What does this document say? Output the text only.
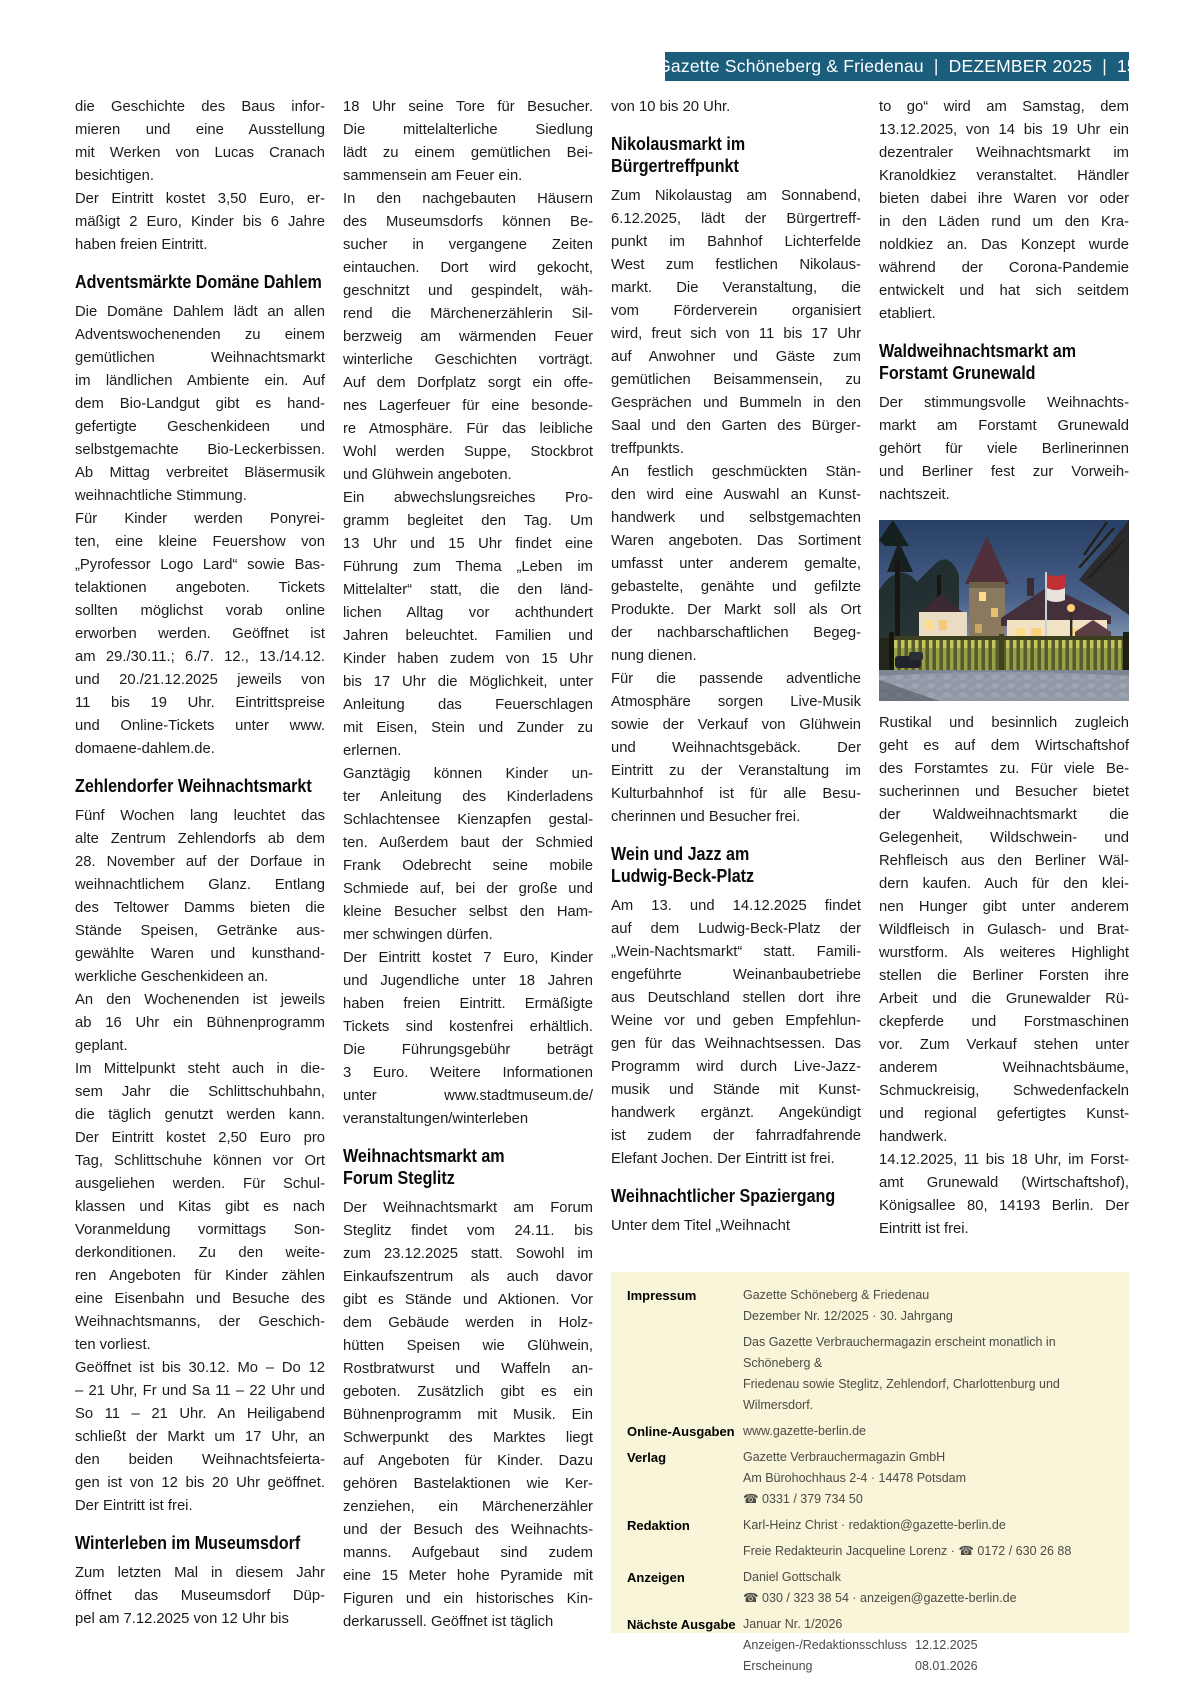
Gazette Schöneberg & Friedenau | DEZEMBER 2025 | 15
die Geschichte des Baus infor-
mieren und eine Ausstellung
mit Werken von Lucas Cranach
besichtigen.
Der Eintritt kostet 3,50 Euro, er-
mäßigt 2 Euro, Kinder bis 6 Jahre
haben freien Eintritt.
Adventsmärkte Domäne Dahlem
Die Domäne Dahlem lädt an allen
Adventswochenenden zu einem
gemütlichen Weihnachtsmarkt
im ländlichen Ambiente ein. Auf
dem Bio-Landgut gibt es hand-
gefertigte Geschenkideen und
selbstgemachte Bio-Leckerbissen.
Ab Mittag verbreitet Bläsermusik
weihnachtliche Stimmung.
Für Kinder werden Ponyrei-
ten, eine kleine Feuershow von
„Pyrofessor Logo Lard“ sowie Bas-
telaktionen angeboten. Tickets
sollten möglichst vorab online
erworben werden. Geöffnet ist
am 29./30.11.; 6./7. 12., 13./14.12.
und 20./21.12.2025 jeweils von
11 bis 19 Uhr. Eintrittspreise
und Online-Tickets unter www.
domaene-dahlem.de.
Zehlendorfer Weihnachtsmarkt
Fünf Wochen lang leuchtet das
alte Zentrum Zehlendorfs ab dem
28. November auf der Dorfaue in
weihnachtlichem Glanz. Entlang
des Teltower Damms bieten die
Stände Speisen, Getränke aus-
gewählte Waren und kunsthand-
werkliche Geschenkideen an.
An den Wochenenden ist jeweils
ab 16 Uhr ein Bühnenprogramm
geplant.
Im Mittelpunkt steht auch in die-
sem Jahr die Schlittschuhbahn,
die täglich genutzt werden kann.
Der Eintritt kostet 2,50 Euro pro
Tag, Schlittschuhe können vor Ort
ausgeliehen werden. Für Schul-
klassen und Kitas gibt es nach
Voranmeldung vormittags Son-
derkonditionen. Zu den weite-
ren Angeboten für Kinder zählen
eine Eisenbahn und Besuche des
Weihnachtsmanns, der Geschich-
ten vorliest.
Geöffnet ist bis 30.12. Mo – Do 12
– 21 Uhr, Fr und Sa 11 – 22 Uhr und
So 11 – 21 Uhr. An Heiligabend
schließt der Markt um 17 Uhr, an
den beiden Weihnachtsfeierta-
gen ist von 12 bis 20 Uhr geöffnet.
Der Eintritt ist frei.
Winterleben im Museumsdorf
Zum letzten Mal in diesem Jahr
öffnet das Museumsdorf Düp-
pel am 7.12.2025 von 12 Uhr bis
18 Uhr seine Tore für Besucher.
Die mittelalterliche Siedlung
lädt zu einem gemütlichen Bei-
sammensein am Feuer ein.
In den nachgebauten Häusern
des Museumsdorfs können Be-
sucher in vergangene Zeiten
eintauchen. Dort wird gekocht,
geschnitzt und gespindelt, wäh-
rend die Märchenerzählerin Sil-
berzweig am wärmenden Feuer
winterliche Geschichten vorträgt.
Auf dem Dorfplatz sorgt ein offe-
nes Lagerfeuer für eine besonde-
re Atmosphäre. Für das leibliche
Wohl werden Suppe, Stockbrot
und Glühwein angeboten.
Ein abwechslungsreiches Pro-
gramm begleitet den Tag. Um
13 Uhr und 15 Uhr findet eine
Führung zum Thema „Leben im
Mittelalter“ statt, die den länd-
lichen Alltag vor achthundert
Jahren beleuchtet. Familien und
Kinder haben zudem von 15 Uhr
bis 17 Uhr die Möglichkeit, unter
Anleitung das Feuerschlagen
mit Eisen, Stein und Zunder zu
erlernen.
Ganztägig können Kinder un-
ter Anleitung des Kinderladens
Schlachtensee Kienzapfen gestal-
ten. Außerdem baut der Schmied
Frank Odebrecht seine mobile
Schmiede auf, bei der große und
kleine Besucher selbst den Ham-
mer schwingen dürfen.
Der Eintritt kostet 7 Euro, Kinder
und Jugendliche unter 18 Jahren
haben freien Eintritt. Ermäßigte
Tickets sind kostenfrei erhältlich.
Die Führungsgebühr beträgt
3 Euro. Weitere Informationen
unter www.stadtmuseum.de/
veranstaltungen/winterleben
Weihnachtsmarkt am
Forum Steglitz
Der Weihnachtsmarkt am Forum
Steglitz findet vom 24.11. bis
zum 23.12.2025 statt. Sowohl im
Einkaufszentrum als auch davor
gibt es Stände und Aktionen. Vor
dem Gebäude werden in Holz-
hütten Speisen wie Glühwein,
Rostbratwurst und Waffeln an-
geboten. Zusätzlich gibt es ein
Bühnenprogramm mit Musik. Ein
Schwerpunkt des Marktes liegt
auf Angeboten für Kinder. Dazu
gehören Bastelaktionen wie Ker-
zenziehen, ein Märchenerzähler
und der Besuch des Weihnachts-
manns. Aufgebaut sind zudem
eine 15 Meter hohe Pyramide mit
Figuren und ein historisches Kin-
derkarussell. Geöffnet ist täglich
von 10 bis 20 Uhr.
Nikolausmarkt im
Bürgertreffpunkt
Zum Nikolaustag am Sonnabend,
6.12.2025, lädt der Bürgertreff-
punkt im Bahnhof Lichterfelde
West zum festlichen Nikolaus-
markt. Die Veranstaltung, die
vom Förderverein organisiert
wird, freut sich von 11 bis 17 Uhr
auf Anwohner und Gäste zum
gemütlichen Beisammensein, zu
Gesprächen und Bummeln in den
Saal und den Garten des Bürger-
treffpunkts.
An festlich geschmückten Stän-
den wird eine Auswahl an Kunst-
handwerk und selbstgemachten
Waren angeboten. Das Sortiment
umfasst unter anderem gemalte,
gebastelte, genähte und gefilzte
Produkte. Der Markt soll als Ort
der nachbarschaftlichen Begeg-
nung dienen.
Für die passende adventliche
Atmosphäre sorgen Live-Musik
sowie der Verkauf von Glühwein
und Weihnachtsgebäck. Der
Eintritt zu der Veranstaltung im
Kulturbahnhof ist für alle Besu-
cherinnen und Besucher frei.
Wein und Jazz am
Ludwig-Beck-Platz
Am 13. und 14.12.2025 findet
auf dem Ludwig-Beck-Platz der
„Wein-Nachtsmarkt“ statt. Famili-
engeführte Weinanbaubetriebe
aus Deutschland stellen dort ihre
Weine vor und geben Empfehlun-
gen für das Weihnachtsessen. Das
Programm wird durch Live-Jazz-
musik und Stände mit Kunst-
handwerk ergänzt. Angekündigt
ist zudem der fahrradfahrende
Elefant Jochen. Der Eintritt ist frei.
Weihnachtlicher Spaziergang
Unter dem Titel „Weihnacht
to go“ wird am Samstag, dem
13.12.2025, von 14 bis 19 Uhr ein
dezentraler Weihnachtsmarkt im
Kranoldkiez veranstaltet. Händler
bieten dabei ihre Waren vor oder
in den Läden rund um den Kra-
noldkiez an. Das Konzept wurde
während der Corona-Pandemie
entwickelt und hat sich seitdem
etabliert.
Waldweihnachtsmarkt am
Forstamt Grunewald
Der stimmungsvolle Weihnachts-
markt am Forstamt Grunewald
gehört für viele Berlinerinnen
und Berliner fest zur Vorweih-
nachtszeit.
Rustikal und besinnlich zugleich
geht es auf dem Wirtschaftshof
des Forstamtes zu. Für viele Be-
sucherinnen und Besucher bietet
der Waldweihnachtsmarkt die
Gelegenheit, Wildschwein- und
Rehfleisch aus den Berliner Wäl-
dern kaufen. Auch für den klei-
nen Hunger gibt unter anderem
Wildfleisch in Gulasch- und Brat-
wurstform. Als weiteres Highlight
stellen die Berliner Forsten ihre
Arbeit und die Grunewalder Rü-
ckepferde und Forstmaschinen
vor. Zum Verkauf stehen unter
anderem Weihnachtsbäume,
Schmuckreisig, Schwedenfackeln
und regional gefertigtes Kunst-
handwerk.
14.12.2025, 11 bis 18 Uhr, im Forst-
amt Grunewald (Wirtschaftshof),
Königsallee 80, 14193 Berlin. Der
Eintritt ist frei.
Impressum	Gazette Schöneberg & Friedenau
Dezember Nr. 12/2025 · 30. Jahrgang
Das Gazette Verbrauchermagazin erscheint monatlich in Schöneberg &
Friedenau sowie Steglitz, Zehlendorf, Charlottenburg und Wilmersdorf.
Online-Ausgaben www.gazette-berlin.de
Verlag	Gazette Verbrauchermagazin GmbH
Am Bürohochhaus 2-4 · 14478 Potsdam
☎ 0331 / 379 734 50
Redaktion	Karl-Heinz Christ · redaktion@gazette-berlin.de
Freie Redakteurin Jacqueline Lorenz · ☎ 0172 / 630 26 88
Anzeigen	Daniel Gottschalk
☎ 030 / 323 38 54 · anzeigen@gazette-berlin.de
Nächste Ausgabe Januar Nr. 1/2026
Anzeigen-/Redaktionsschluss 12.12.2025
Erscheinung	08.01.2026
